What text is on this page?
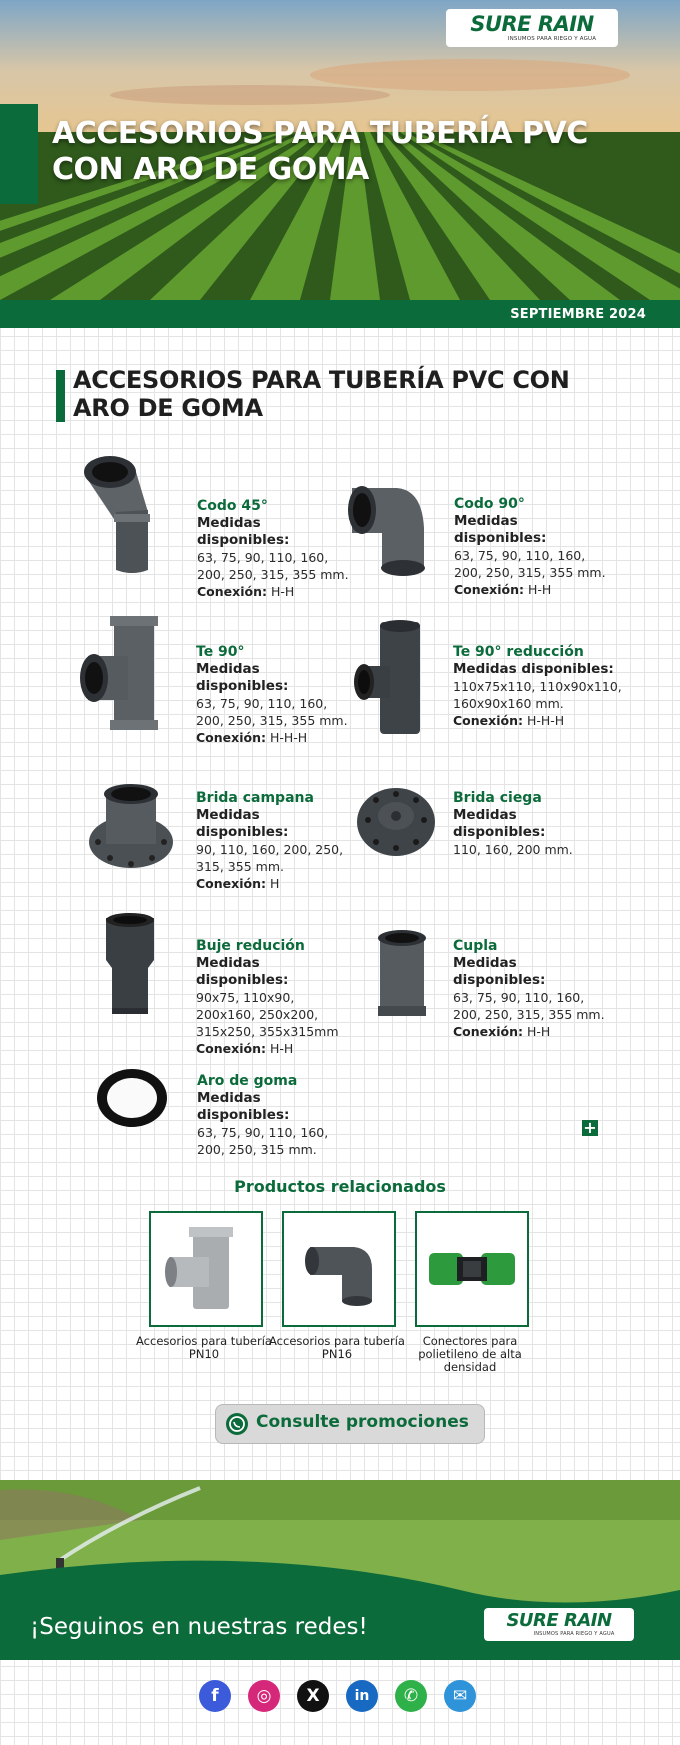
ACCESORIOS PARA TUBERÍA PVC CON ARO DE GOMA
SURE RAIN
INSUMOS PARA RIEGO Y AGUA
SEPTIEMBRE 2024
ACCESORIOS PARA TUBERÍA PVC CON ARO DE GOMA
Codo 45°
Medidas disponibles:
63, 75, 90, 110, 160, 200, 250, 315, 355 mm.
Conexión: H-H
Codo 90°
Medidas disponibles:
63, 75, 90, 110, 160, 200, 250, 315, 355 mm.
Conexión: H-H
Te 90°
Medidas disponibles:
63, 75, 90, 110, 160, 200, 250, 315, 355 mm.
Conexión: H-H-H
Te 90° reducción
Medidas disponibles:
110x75x110, 110x90x110, 160x90x160 mm.
Conexión: H-H-H
Brida campana
Medidas disponibles:
90, 110, 160, 200, 250, 315, 355 mm.
Conexión: H
Brida ciega
Medidas disponibles:
110, 160, 200 mm.
Buje redución
Medidas disponibles:
90x75, 110x90, 200x160, 250x200, 315x250, 355x315mm
Conexión: H-H
Cupla
Medidas disponibles:
63, 75, 90, 110, 160, 200, 250, 315, 355 mm.
Conexión: H-H
Aro de goma
Medidas disponibles:
63, 75, 90, 110, 160, 200, 250, 315 mm.
+
Productos relacionados
Accesorios para tubería PN10
Accesorios para tubería PN16
Conectores para polietileno de alta densidad
Consulte promociones
¡Seguinos en nuestras redes!	SURE RAIN
INSUMOS PARA RIEGO Y AGUA
f	◎	X	in	✆	✉
